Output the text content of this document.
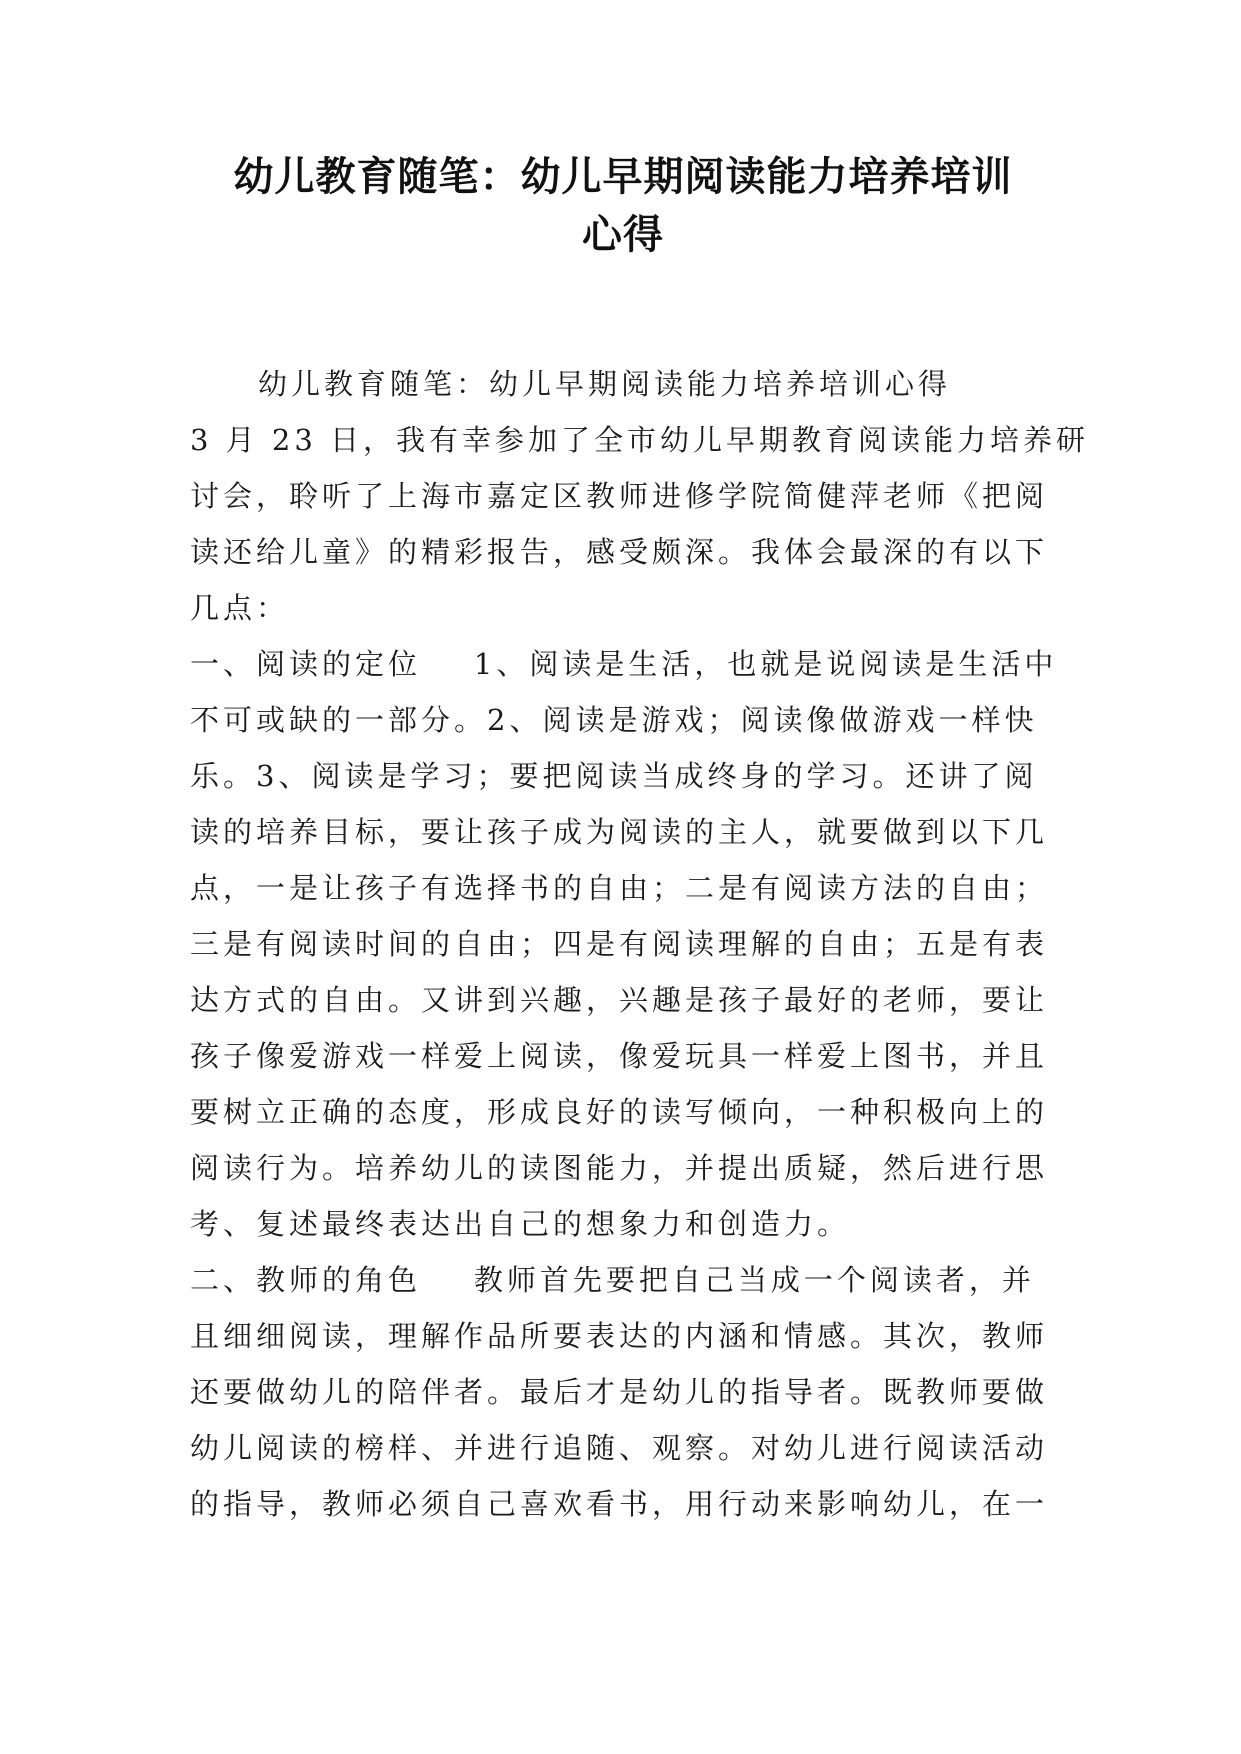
幼儿教育随笔：幼儿早期阅读能力培养培训
心得
幼儿教育随笔：幼儿早期阅读能力培养培训心得
3 月 23 日，我有幸参加了全市幼儿早期教育阅读能力培养研
讨会，聆听了上海市嘉定区教师进修学院简健萍老师《把阅
读还给儿童》的精彩报告，感受颇深。我体会最深的有以下
几点：
一、阅读的定位    1、阅读是生活，也就是说阅读是生活中
不可或缺的一部分。2、阅读是游戏；阅读像做游戏一样快
乐。3、阅读是学习；要把阅读当成终身的学习。还讲了阅
读的培养目标，要让孩子成为阅读的主人，就要做到以下几
点，一是让孩子有选择书的自由；二是有阅读方法的自由；
三是有阅读时间的自由；四是有阅读理解的自由；五是有表
达方式的自由。又讲到兴趣，兴趣是孩子最好的老师，要让
孩子像爱游戏一样爱上阅读，像爱玩具一样爱上图书，并且
要树立正确的态度，形成良好的读写倾向，一种积极向上的
阅读行为。培养幼儿的读图能力，并提出质疑，然后进行思
考、复述最终表达出自己的想象力和创造力。
二、教师的角色    教师首先要把自己当成一个阅读者，并
且细细阅读，理解作品所要表达的内涵和情感。其次，教师
还要做幼儿的陪伴者。最后才是幼儿的指导者。既教师要做
幼儿阅读的榜样、并进行追随、观察。对幼儿进行阅读活动
的指导，教师必须自己喜欢看书，用行动来影响幼儿，在一
